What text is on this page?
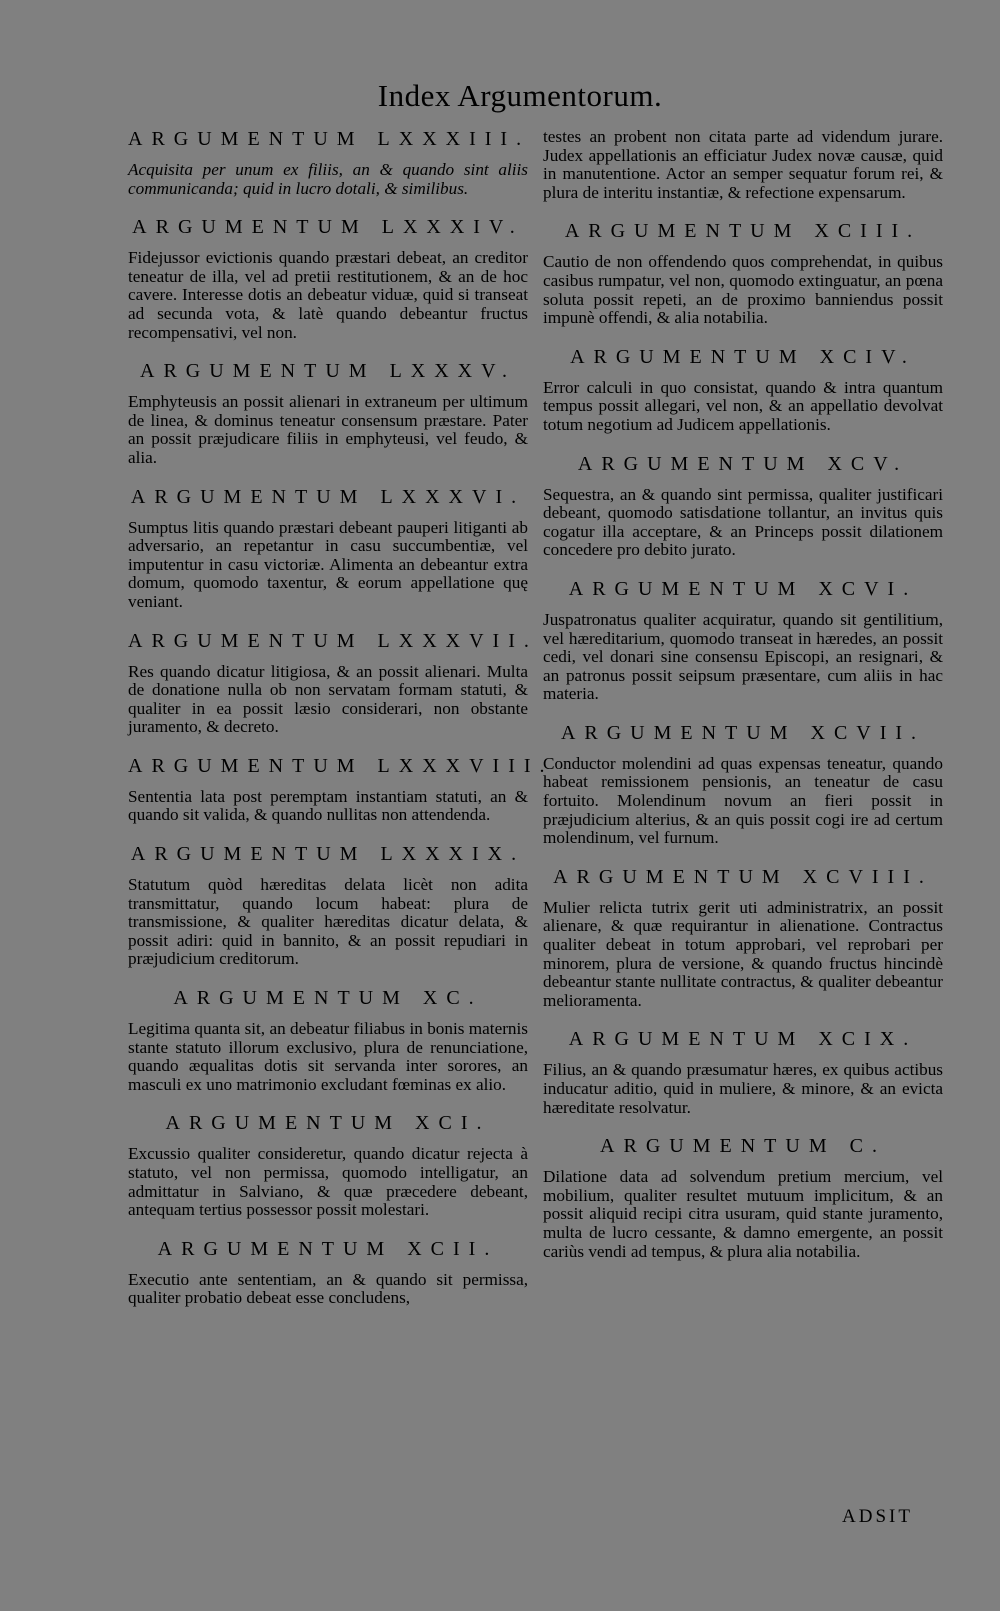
Index Argumentorum.
ARGUMENTUM LXXXIII.
Acquisita per unum ex filiis, an & quando sint aliis communicanda; quid in lucro dotali, & similibus.
ARGUMENTUM LXXXIV.
Fidejussor evictionis quando præstari debeat, an creditor teneatur de illa, vel ad pretii restitutionem, & an de hoc cavere. Interesse dotis an debeatur viduæ, quid si transeat ad secunda vota, & latè quando debeantur fructus recompensativi, vel non.
ARGUMENTUM LXXXV.
Emphyteusis an possit alienari in extraneum per ultimum de linea, & dominus teneatur consensum præstare. Pater an possit præjudicare filiis in emphyteusi, vel feudo, & alia.
ARGUMENTUM LXXXVI.
Sumptus litis quando præstari debeant pauperi litiganti ab adversario, an repetantur in casu succumbentiæ, vel imputentur in casu victoriæ. Alimenta an debeantur extra domum, quomodo taxentur, & eorum appellatione quę veniant.
ARGUMENTUM LXXXVII.
Res quando dicatur litigiosa, & an possit alienari. Multa de donatione nulla ob non servatam formam statuti, & qualiter in ea possit læsio considerari, non obstante juramento, & decreto.
ARGUMENTUM LXXXVIII.
Sententia lata post peremptam instantiam statuti, an & quando sit valida, & quando nullitas non attendenda.
ARGUMENTUM LXXXIX.
Statutum quòd hæreditas delata licèt non adita transmittatur, quando locum habeat: plura de transmissione, & qualiter hæreditas dicatur delata, & possit adiri: quid in bannito, & an possit repudiari in præjudicium creditorum.
ARGUMENTUM XC.
Legitima quanta sit, an debeatur filiabus in bonis maternis stante statuto illorum exclusivo, plura de renunciatione, quando æqualitas dotis sit servanda inter sorores, an masculi ex uno matrimonio excludant fœminas ex alio.
ARGUMENTUM XCI.
Excussio qualiter consideretur, quando dicatur rejecta à statuto, vel non permissa, quomodo intelligatur, an admittatur in Salviano, & quæ præcedere debeant, antequam tertius possessor possit molestari.
ARGUMENTUM XCII.
Executio ante sententiam, an & quando sit permissa, qualiter probatio debeat esse concludens,
testes an probent non citata parte ad videndum jurare. Judex appellationis an efficiatur Judex novæ causæ, quid in manutentione. Actor an semper sequatur forum rei, & plura de interitu instantiæ, & refectione expensarum.
ARGUMENTUM XCIII.
Cautio de non offendendo quos comprehendat, in quibus casibus rumpatur, vel non, quomodo extinguatur, an pœna soluta possit repeti, an de proximo banniendus possit impunè offendi, & alia notabilia.
ARGUMENTUM XCIV.
Error calculi in quo consistat, quando & intra quantum tempus possit allegari, vel non, & an appellatio devolvat totum negotium ad Judicem appellationis.
ARGUMENTUM XCV.
Sequestra, an & quando sint permissa, qualiter justificari debeant, quomodo satisdatione tollantur, an invitus quis cogatur illa acceptare, & an Princeps possit dilationem concedere pro debito jurato.
ARGUMENTUM XCVI.
Juspatronatus qualiter acquiratur, quando sit gentilitium, vel hæreditarium, quomodo transeat in hæredes, an possit cedi, vel donari sine consensu Episcopi, an resignari, & an patronus possit seipsum præsentare, cum aliis in hac materia.
ARGUMENTUM XCVII.
Conductor molendini ad quas expensas teneatur, quando habeat remissionem pensionis, an teneatur de casu fortuito. Molendinum novum an fieri possit in præjudicium alterius, & an quis possit cogi ire ad certum molendinum, vel furnum.
ARGUMENTUM XCVIII.
Mulier relicta tutrix gerit uti administratrix, an possit alienare, & quæ requirantur in alienatione. Contractus qualiter debeat in totum approbari, vel reprobari per minorem, plura de versione, & quando fructus hincindè debeantur stante nullitate contractus, & qualiter debeantur melioramenta.
ARGUMENTUM XCIX.
Filius, an & quando præsumatur hæres, ex quibus actibus inducatur aditio, quid in muliere, & minore, & an evicta hæreditate resolvatur.
ARGUMENTUM C.
Dilatione data ad solvendum pretium mercium, vel mobilium, qualiter resultet mutuum implicitum, & an possit aliquid recipi citra usuram, quid stante juramento, multa de lucro cessante, & damno emergente, an possit cariùs vendi ad tempus, & plura alia notabilia.
ADSIT
